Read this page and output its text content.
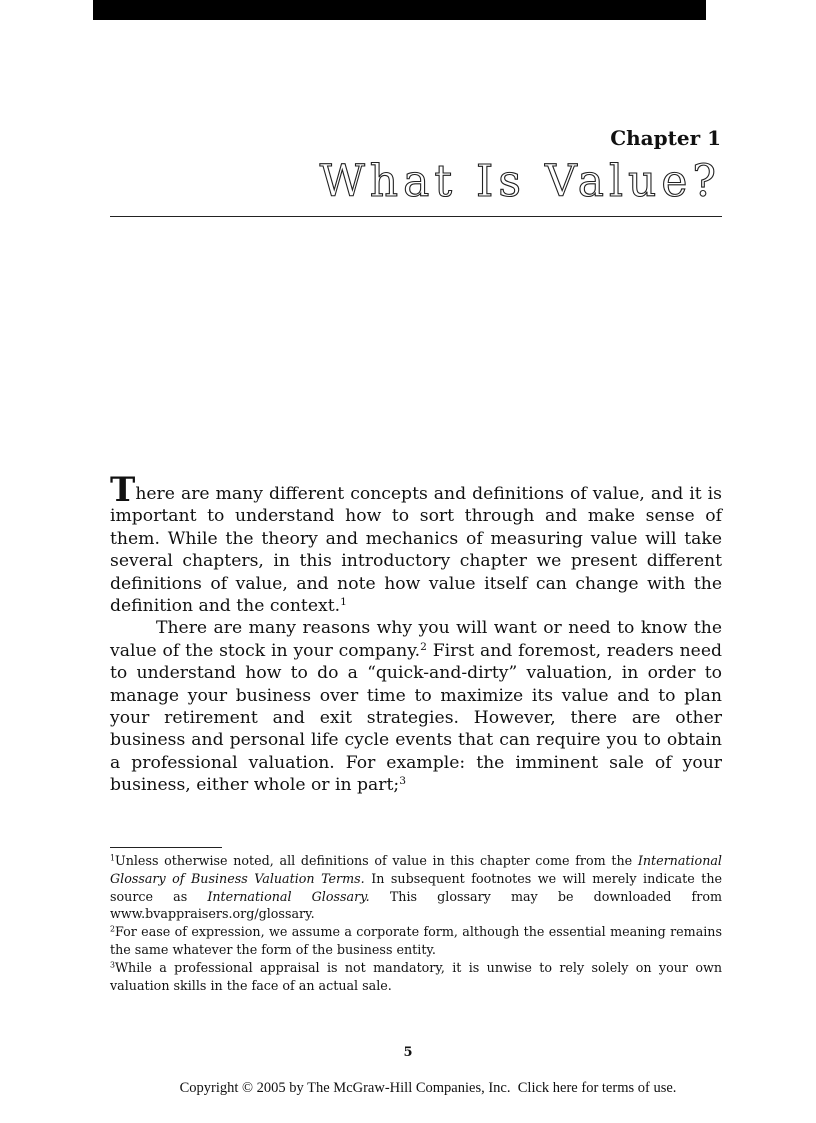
Chapter 1
What Is Value?

There are many different concepts and definitions of value, and it is important to understand how to sort through and make sense of them. While the theory and mechanics of measuring value will take several chapters, in this introductory chapter we present different definitions of value, and note how value itself can change with the definition and the context.$^1$

There are many reasons why you will want or need to know the value of the stock in your company.$^2$ First and foremost, readers need to understand how to do a “quick-and-dirty” valuation, in order to manage your business over time to maximize its value and to plan your retirement and exit strategies. However, there are other business and personal life cycle events that can require you to obtain a professional valuation. For example: the imminent sale of your business, either whole or in part;$^3$

$^1$Unless otherwise noted, all definitions of value in this chapter come from the International Glossary of Business Valuation Terms. In subsequent footnotes we will merely indicate the source as International Glossary. This glossary may be downloaded from www.bvappraisers.org/glossary.

$^2$For ease of expression, we assume a corporate form, although the essential meaning remains the same whatever the form of the business entity.

$^3$While a professional appraisal is not mandatory, it is unwise to rely solely on your own valuation skills in the face of an actual sale.

5
Copyright © 2005 by The McGraw-Hill Companies, Inc. Click here for terms of use.
